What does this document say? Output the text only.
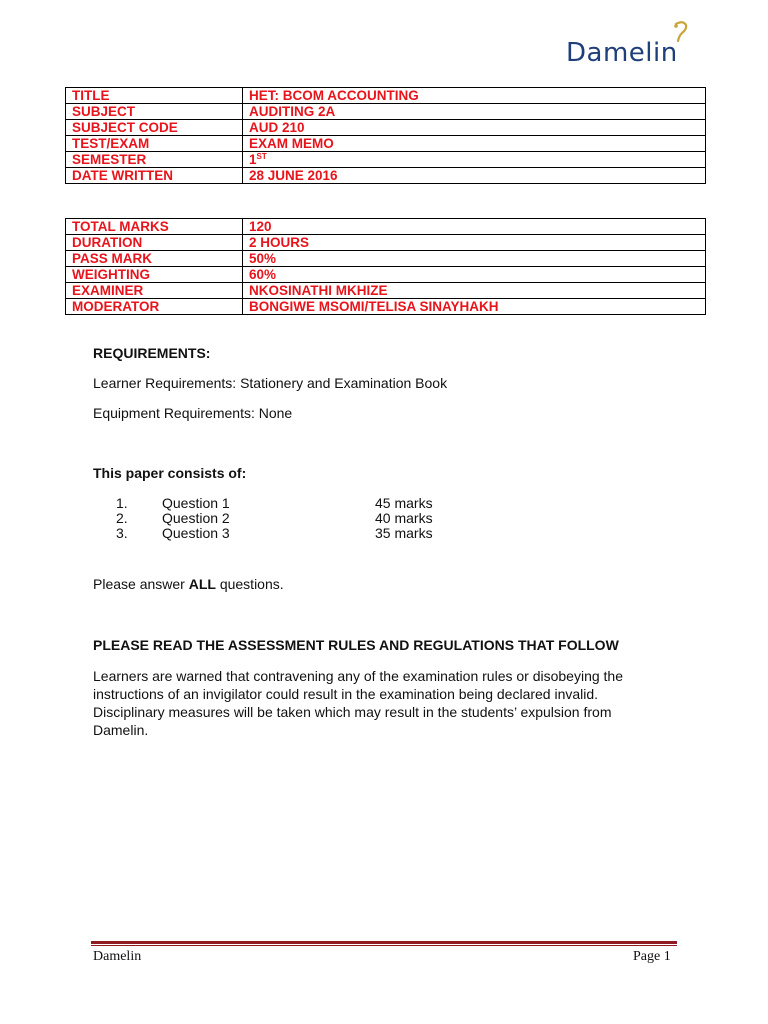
Damelin
TITLE	HET: BCOM ACCOUNTING
SUBJECT	AUDITING 2A
SUBJECT CODE	AUD 210
TEST/EXAM	EXAM MEMO
SEMESTER	1ST
DATE WRITTEN	28 JUNE 2016
TOTAL MARKS	120
DURATION	2 HOURS
PASS MARK	50%
WEIGHTING	60%
EXAMINER	NKOSINATHI MKHIZE
MODERATOR	BONGIWE MSOMI/TELISA SINAYHAKH
REQUIREMENTS:
Learner Requirements: Stationery and Examination Book
Equipment Requirements: None
This paper consists of:
1. Question 1	45 marks
2. Question 2	40 marks
3. Question 3	35 marks
Please answer ALL questions.
PLEASE READ THE ASSESSMENT RULES AND REGULATIONS THAT FOLLOW
Learners are warned that contravening any of the examination rules or disobeying the instructions of an invigilator could result in the examination being declared invalid. Disciplinary measures will be taken which may result in the students’ expulsion from Damelin.
Damelin	Page 1
